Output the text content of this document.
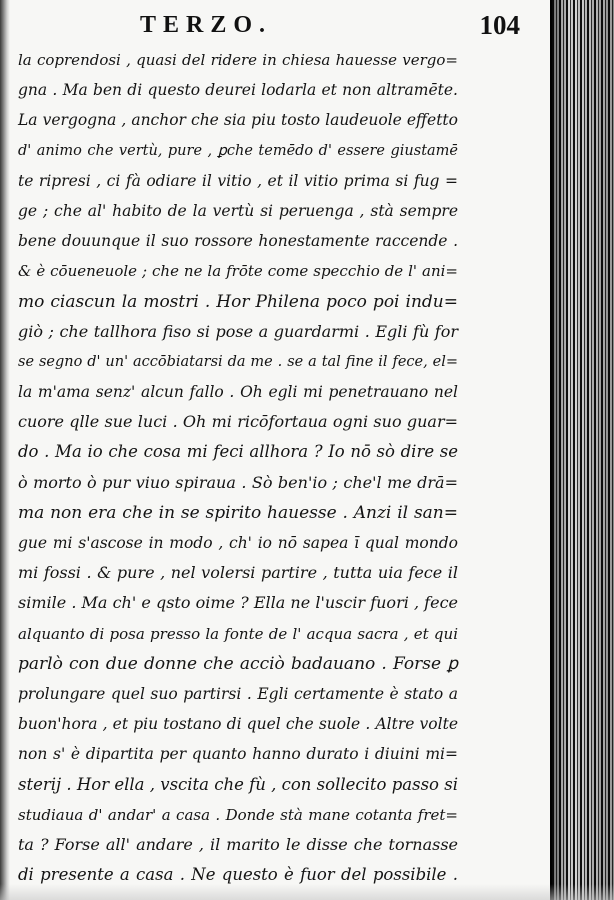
TERZO.	104
la coprendosi , quasi del ridere in chiesa hauesse vergo=
gna . Ma ben di questo deurei lodarla et non altramēte.
La vergogna , anchor che sia piu tosto laudeuole effetto
d' animo che vertù, pure , ꝑche temēdo d' essere giustamē
te ripresi , ci fà odiare il vitio , et il vitio prima si fug =
ge ; che al' habito de la vertù si peruenga , stà sempre
bene douunque il suo rossore honestamente raccende .
& è cōueneuole ; che ne la frōte come specchio de l' ani=
mo ciascun la mostri . Hor Philena poco poi indu=
giò ; che tallhora fiso si pose a guardarmi . Egli fù for
se segno d' un' accōbiatarsi da me . se a tal fine il fece, el=
la m'ama senz' alcun fallo . Oh egli mi penetrauano nel
cuore qlle sue luci . Oh mi ricōfortaua ogni suo guar=
do . Ma io che cosa mi feci allhora ? Io nō sò dire se
ò morto ò pur viuo spiraua . Sò ben'io ; che'l me drā=
ma non era che in se spirito hauesse . Anzi il san=
gue mi s'ascose in modo , ch' io nō sapea ī qual mondo
mi fossi . & pure , nel volersi partire , tutta uia fece il
simile . Ma ch' e qsto oime ? Ella ne l'uscir fuori , fece
alquanto di posa presso la fonte de l' acqua sacra , et qui
parlò con due donne che acciò badauano . Forse ꝑ
prolungare quel suo partirsi . Egli certamente è stato a
buon'hora , et piu tostano di quel che suole . Altre volte
non s' è dipartita per quanto hanno durato i diuini mi=
sterij . Hor ella , vscita che fù , con sollecito passo si
studiaua d' andar' a casa . Donde stà mane cotanta fret=
ta ? Forse all' andare , il marito le disse che tornasse
di presente a casa . Ne questo è fuor del possibile .
